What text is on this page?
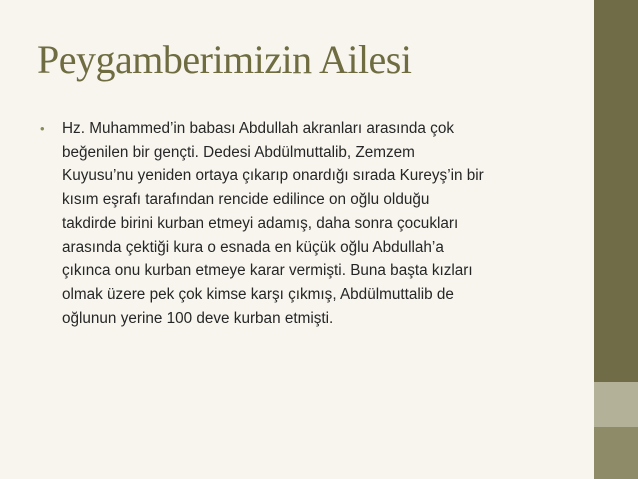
Peygamberimizin Ailesi
•	Hz. Muhammed’in babası Abdullah akranları arasında çok
beğenilen bir gençti. Dedesi Abdülmuttalib, Zemzem
Kuyusu’nu yeniden ortaya çıkarıp onardığı sırada Kureyş’in bir
kısım eşrafı tarafından rencide edilince on oğlu olduğu
takdirde birini kurban etmeyi adamış, daha sonra çocukları
arasında çektiği kura o esnada en küçük oğlu Abdullah’a
çıkınca onu kurban etmeye karar vermişti. Buna başta kızları
olmak üzere pek çok kimse karşı çıkmış, Abdülmuttalib de
oğlunun yerine 100 deve kurban etmişti.
